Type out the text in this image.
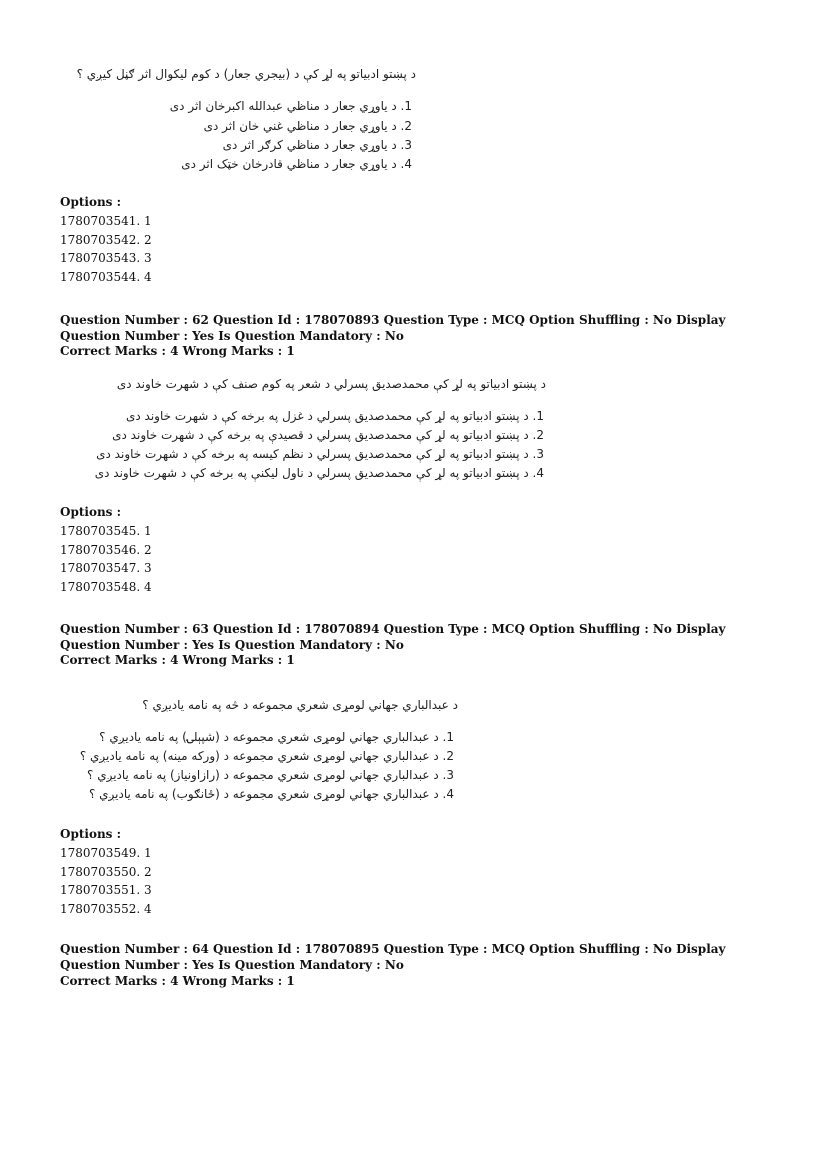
د پښتو ادبیاتو په لړ کې د (بیجري جعار) د کوم لیکوال اثر ګڼل کیږي ؟
1. د یاوړي جعار د مناظي عبدالله اکبرخان اثر دی
2. د یاوړي جعار د مناظي غني خان اثر دی
3. د یاوړي جعار د مناظي کرګر اثر دی
4. د یاوړي جعار د مناظي قادرخان خټک اثر دی
Options :
1780703541. 1
1780703542. 2
1780703543. 3
1780703544. 4
Question Number : 62 Question Id : 178070893 Question Type : MCQ Option Shuffling : No Display Question Number : Yes Is Question Mandatory : No
Correct Marks : 4 Wrong Marks : 1
د پښتو ادبیاتو په لړ کې محمدصدیق پسرلي د شعر په کوم صنف کې د شهرت خاوند دی
1. د پښتو ادبیاتو په لړ کې محمدصدیق پسرلي د غزل په برخه کې د شهرت خاوند دی
2. د پښتو ادبیاتو په لړ کې محمدصدیق پسرلي د قصیدې په برخه کې د شهرت خاوند دی
3. د پښتو ادبیاتو په لړ کې محمدصدیق پسرلي د نظم کیسه په برخه کې د شهرت خاوند دی
4. د پښتو ادبیاتو په لړ کې محمدصدیق پسرلي د ناول لیکنې په برخه کې د شهرت خاوند دی
Options :
1780703545. 1
1780703546. 2
1780703547. 3
1780703548. 4
Question Number : 63 Question Id : 178070894 Question Type : MCQ Option Shuffling : No Display Question Number : Yes Is Question Mandatory : No
Correct Marks : 4 Wrong Marks : 1
د عبدالباري جهاني لومړی شعري مجموعه د څه په نامه یادیږي ؟
1. د عبدالباري جهاني لومړی شعري مجموعه د (شپېلۍ) په نامه یادیږي ؟
2. د عبدالباري جهاني لومړی شعري مجموعه د (ورکه مینه) په نامه یادیږي ؟
3. د عبدالباري جهاني لومړی شعري مجموعه د (رازاونیاز) په نامه یادیږي ؟
4. د عبدالباري جهاني لومړی شعري مجموعه د (ځانګوب) په نامه یادیږي ؟
Options :
1780703549. 1
1780703550. 2
1780703551. 3
1780703552. 4
Question Number : 64 Question Id : 178070895 Question Type : MCQ Option Shuffling : No Display Question Number : Yes Is Question Mandatory : No
Correct Marks : 4 Wrong Marks : 1
